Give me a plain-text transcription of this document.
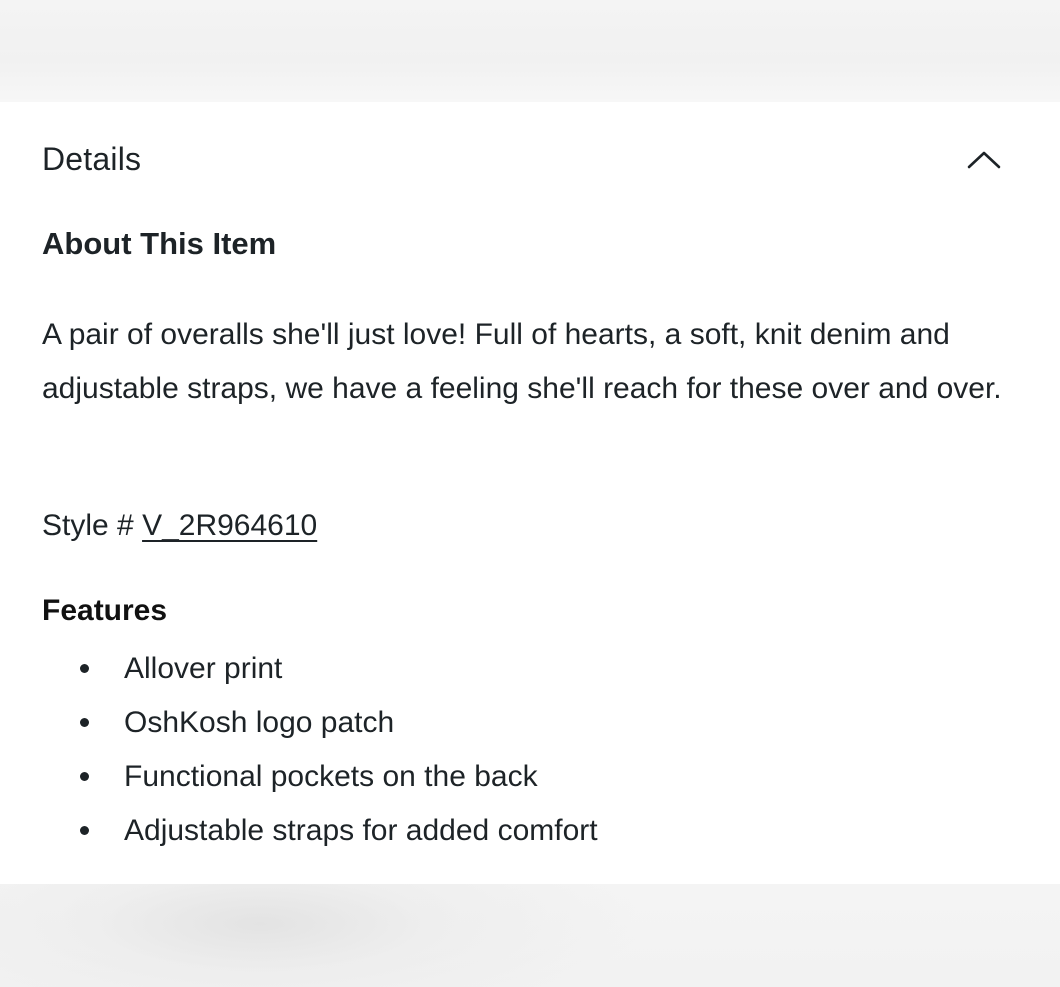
Details
About This Item

A pair of overalls she'll just love! Full of hearts, a soft, knit denim and adjustable straps, we have a feeling she'll reach for these over and over.

Style # V_2R964610
Features
Allover print
OshKosh logo patch
Functional pockets on the back
Adjustable straps for added comfort
